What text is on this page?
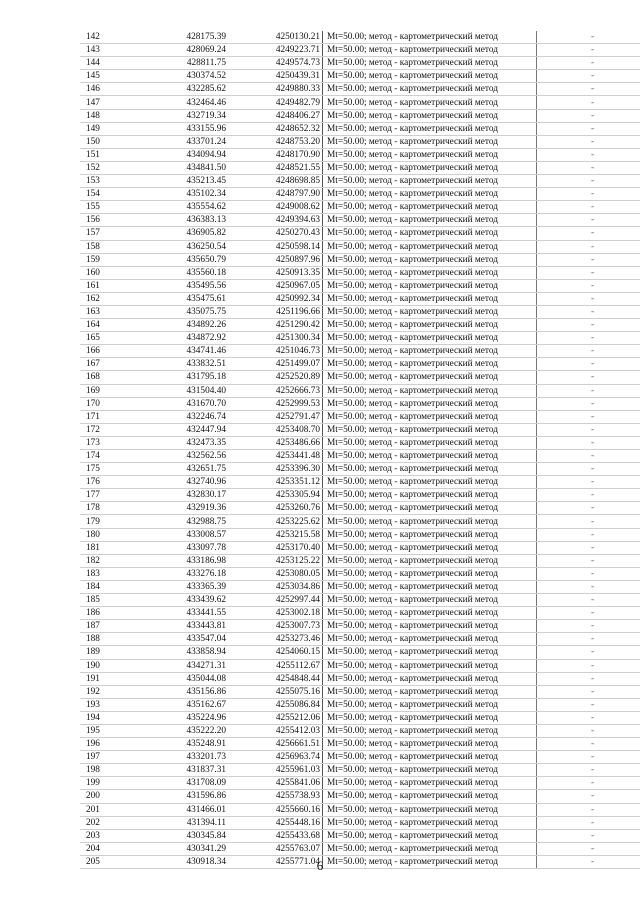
142	428175.39	4250130.21	Mt=50.00; метод - картометрический метод	-
143	428069.24	4249223.71	Mt=50.00; метод - картометрический метод	-
144	428811.75	4249574.73	Mt=50.00; метод - картометрический метод	-
145	430374.52	4250439.31	Mt=50.00; метод - картометрический метод	-
146	432285.62	4249880.33	Mt=50.00; метод - картометрический метод	-
147	432464.46	4249482.79	Mt=50.00; метод - картометрический метод	-
148	432719.34	4248406.27	Mt=50.00; метод - картометрический метод	-
149	433155.96	4248652.32	Mt=50.00; метод - картометрический метод	-
150	433701.24	4248753.20	Mt=50.00; метод - картометрический метод	-
151	434094.94	4248170.90	Mt=50.00; метод - картометрический метод	-
152	434841.50	4248521.55	Mt=50.00; метод - картометрический метод	-
153	435213.45	4248698.85	Mt=50.00; метод - картометрический метод	-
154	435102.34	4248797.90	Mt=50.00; метод - картометрический метод	-
155	435554.62	4249008.62	Mt=50.00; метод - картометрический метод	-
156	436383.13	4249394.63	Mt=50.00; метод - картометрический метод	-
157	436905.82	4250270.43	Mt=50.00; метод - картометрический метод	-
158	436250.54	4250598.14	Mt=50.00; метод - картометрический метод	-
159	435650.79	4250897.96	Mt=50.00; метод - картометрический метод	-
160	435560.18	4250913.35	Mt=50.00; метод - картометрический метод	-
161	435495.56	4250967.05	Mt=50.00; метод - картометрический метод	-
162	435475.61	4250992.34	Mt=50.00; метод - картометрический метод	-
163	435075.75	4251196.66	Mt=50.00; метод - картометрический метод	-
164	434892.26	4251290.42	Mt=50.00; метод - картометрический метод	-
165	434872.92	4251300.34	Mt=50.00; метод - картометрический метод	-
166	434741.46	4251046.73	Mt=50.00; метод - картометрический метод	-
167	433832.51	4251499.07	Mt=50.00; метод - картометрический метод	-
168	431795.18	4252520.89	Mt=50.00; метод - картометрический метод	-
169	431504.40	4252666.73	Mt=50.00; метод - картометрический метод	-
170	431670.70	4252999.53	Mt=50.00; метод - картометрический метод	-
171	432246.74	4252791.47	Mt=50.00; метод - картометрический метод	-
172	432447.94	4253408.70	Mt=50.00; метод - картометрический метод	-
173	432473.35	4253486.66	Mt=50.00; метод - картометрический метод	-
174	432562.56	4253441.48	Mt=50.00; метод - картометрический метод	-
175	432651.75	4253396.30	Mt=50.00; метод - картометрический метод	-
176	432740.96	4253351.12	Mt=50.00; метод - картометрический метод	-
177	432830.17	4253305.94	Mt=50.00; метод - картометрический метод	-
178	432919.36	4253260.76	Mt=50.00; метод - картометрический метод	-
179	432988.75	4253225.62	Mt=50.00; метод - картометрический метод	-
180	433008.57	4253215.58	Mt=50.00; метод - картометрический метод	-
181	433097.78	4253170.40	Mt=50.00; метод - картометрический метод	-
182	433186.98	4253125.22	Mt=50.00; метод - картометрический метод	-
183	433276.18	4253080.05	Mt=50.00; метод - картометрический метод	-
184	433365.39	4253034.86	Mt=50.00; метод - картометрический метод	-
185	433439.62	4252997.44	Mt=50.00; метод - картометрический метод	-
186	433441.55	4253002.18	Mt=50.00; метод - картометрический метод	-
187	433443.81	4253007.73	Mt=50.00; метод - картометрический метод	-
188	433547.04	4253273.46	Mt=50.00; метод - картометрический метод	-
189	433858.94	4254060.15	Mt=50.00; метод - картометрический метод	-
190	434271.31	4255112.67	Mt=50.00; метод - картометрический метод	-
191	435044.08	4254848.44	Mt=50.00; метод - картометрический метод	-
192	435156.86	4255075.16	Mt=50.00; метод - картометрический метод	-
193	435162.67	4255086.84	Mt=50.00; метод - картометрический метод	-
194	435224.96	4255212.06	Mt=50.00; метод - картометрический метод	-
195	435222.20	4255412.03	Mt=50.00; метод - картометрический метод	-
196	435248.91	4256661.51	Mt=50.00; метод - картометрический метод	-
197	433201.73	4256963.74	Mt=50.00; метод - картометрический метод	-
198	431837.31	4255961.03	Mt=50.00; метод - картометрический метод	-
199	431708.09	4255841.06	Mt=50.00; метод - картометрический метод	-
200	431596.86	4255738.93	Mt=50.00; метод - картометрический метод	-
201	431466.01	4255660.16	Mt=50.00; метод - картометрический метод	-
202	431394.11	4255448.16	Mt=50.00; метод - картометрический метод	-
203	430345.84	4255433.68	Mt=50.00; метод - картометрический метод	-
204	430341.29	4255763.07	Mt=50.00; метод - картометрический метод	-
205	430918.34	4255771.04	Mt=50.00; метод - картометрический метод	-
6
